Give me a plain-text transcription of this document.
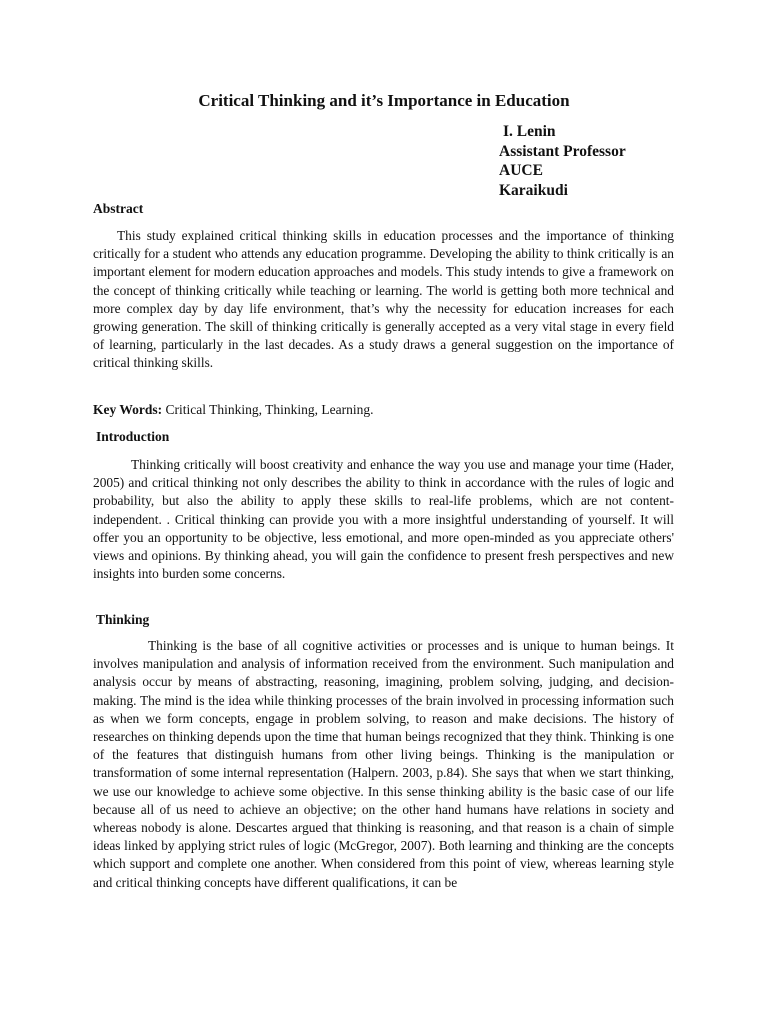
Critical Thinking and it’s Importance in Education
I. Lenin
Assistant Professor
AUCE
Karaikudi
Abstract

This study explained critical thinking skills in education processes and the importance of thinking critically for a student who attends any education programme. Developing the ability to think critically is an important element for modern education approaches and models. This study intends to give a framework on the concept of thinking critically while teaching or learning. The world is getting both more technical and more complex day by day life environment, that’s why the necessity for education increases for each growing generation. The skill of thinking critically is generally accepted as a very vital stage in every field of learning, particularly in the last decades. As a study draws a general suggestion on the importance of critical thinking skills.

Key Words: Critical Thinking, Thinking, Learning.
Introduction

Thinking critically will boost creativity and enhance the way you use and manage your time (Hader, 2005) and critical thinking not only describes the ability to think in accordance with the rules of logic and probability, but also the ability to apply these skills to real-life problems, which are not content-independent. . Critical thinking can provide you with a more insightful understanding of yourself. It will offer you an opportunity to be objective, less emotional, and more open-minded as you appreciate others' views and opinions. By thinking ahead, you will gain the confidence to present fresh perspectives and new insights into burden some concerns.

Thinking

Thinking is the base of all cognitive activities or processes and is unique to human beings. It involves manipulation and analysis of information received from the environment. Such manipulation and analysis occur by means of abstracting, reasoning, imagining, problem solving, judging, and decision-making. The mind is the idea while thinking processes of the brain involved in processing information such as when we form concepts, engage in problem solving, to reason and make decisions. The history of researches on thinking depends upon the time that human beings recognized that they think. Thinking is one of the features that distinguish humans from other living beings. Thinking is the manipulation or transformation of some internal representation (Halpern. 2003, p.84). She says that when we start thinking, we use our knowledge to achieve some objective. In this sense thinking ability is the basic case of our life because all of us need to achieve an objective; on the other hand humans have relations in society and whereas nobody is alone. Descartes argued that thinking is reasoning, and that reason is a chain of simple ideas linked by applying strict rules of logic (McGregor, 2007). Both learning and thinking are the concepts which support and complete one another. When considered from this point of view, whereas learning style and critical thinking concepts have different qualifications, it can be
